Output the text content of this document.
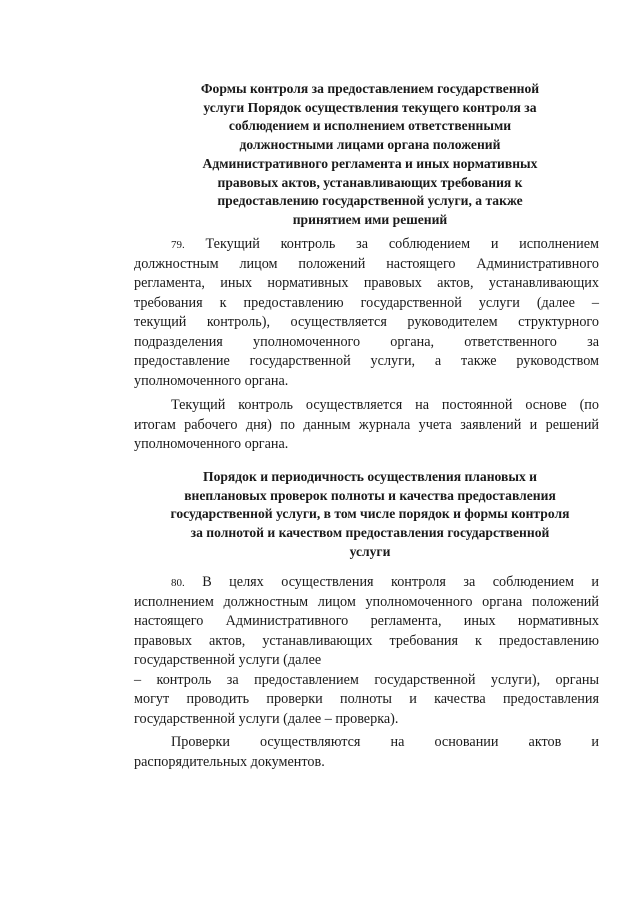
Формы контроля за предоставлением государственной
услуги Порядок осуществления текущего контроля за
соблюдением и исполнением ответственными
должностными лицами органа положений
Административного регламента и иных нормативных
правовых актов, устанавливающих требования к
предоставлению государственной услуги, а также
принятием ими решений
79. Текущий контроль за соблюдением и исполнением
должностным лицом положений настоящего Административного
регламента, иных нормативных правовых актов, устанавливающих
требования к предоставлению государственной услуги (далее –
текущий контроль), осуществляется руководителем структурного
подразделения уполномоченного органа, ответственного за
предоставление государственной услуги, а также руководством
уполномоченного органа.
Текущий контроль осуществляется на постоянной основе (по
итогам рабочего дня) по данным журнала учета заявлений и решений
уполномоченного органа.
Порядок и периодичность осуществления плановых и
внеплановых проверок полноты и качества предоставления
государственной услуги, в том числе порядок и формы контроля
за полнотой и качеством предоставления государственной
услуги
80. В целях осуществления контроля за соблюдением и
исполнением должностным лицом уполномоченного органа положений
настоящего Административного регламента, иных нормативных
правовых актов, устанавливающих требования к предоставлению
государственной услуги (далее
– контроль за предоставлением государственной услуги), органы
могут проводить проверки полноты и качества предоставления
государственной услуги (далее – проверка).
Проверки осуществляются на основании актов и
распорядительных документов.
